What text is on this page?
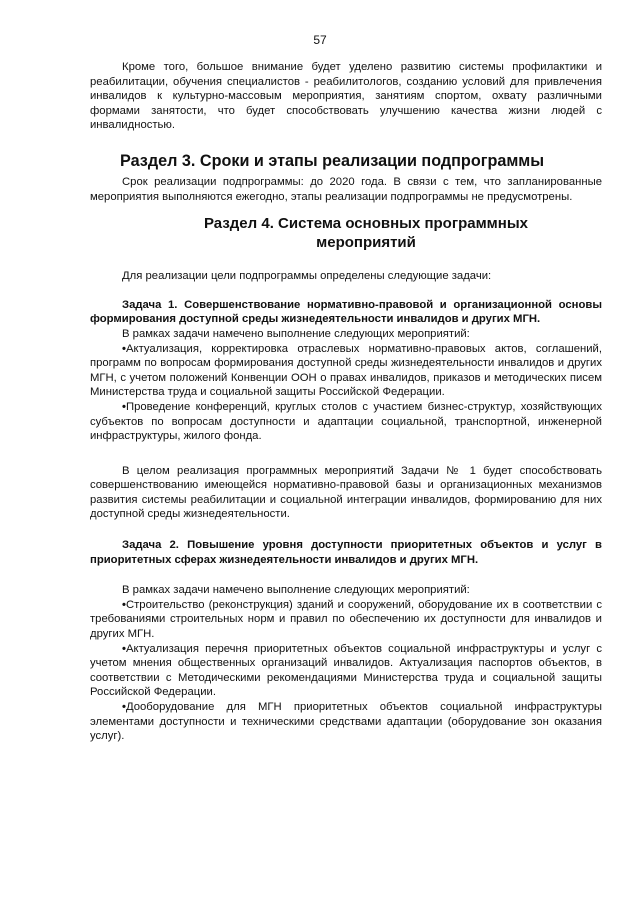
57

Кроме того, большое внимание будет уделено развитию системы профилактики и реабилитации, обучения специалистов - реабилитологов, созданию условий для привлечения инвалидов к культурно-массовым мероприятия, занятиям спортом, охвату различными формами занятости, что будет способствовать улучшению качества жизни людей с инвалидностью.

Раздел 3. Сроки и этапы реализации подпрограммы

Срок реализации подпрограммы: до 2020 года. В связи с тем, что запланированные мероприятия выполняются ежегодно, этапы реализации подпрограммы не предусмотрены.

Раздел 4. Система основных программных
мероприятий

Для реализации цели подпрограммы определены следующие задачи:

Задача 1. Совершенствование нормативно-правовой и организационной основы формирования доступной среды жизнедеятельности инвалидов и других МГН.

В рамках задачи намечено выполнение следующих мероприятий:

•Актуализация, корректировка отраслевых нормативно-правовых актов, соглашений, программ по вопросам формирования доступной среды жизнедеятельности инвалидов и других МГН, с учетом положений Конвенции ООН о правах инвалидов, приказов и методических писем Министерства труда и социальной защиты Российской Федерации.

•Проведение конференций, круглых столов с участием бизнес-структур, хозяйствующих субъектов по вопросам доступности и адаптации социальной, транспортной, инженерной инфраструктуры, жилого фонда.

В целом реализация программных мероприятий Задачи № 1 будет способствовать совершенствованию имеющейся нормативно-правовой базы и организационных механизмов развития системы реабилитации и социальной интеграции инвалидов, формированию для них доступной среды жизнедеятельности.

Задача 2. Повышение уровня доступности приоритетных объектов и услуг в приоритетных сферах жизнедеятельности инвалидов и других МГН.

В рамках задачи намечено выполнение следующих мероприятий:

•Строительство (реконструкция) зданий и сооружений, оборудование их в соответствии с требованиями строительных норм и правил по обеспечению их доступности для инвалидов и других МГН.

•Актуализация перечня приоритетных объектов социальной инфраструктуры и услуг с учетом мнения общественных организаций инвалидов. Актуализация паспортов объектов, в соответствии с Методическими рекомендациями Министерства труда и социальной защиты Российской Федерации.

•Дооборудование для МГН приоритетных объектов социальной инфраструктуры элементами доступности и техническими средствами адаптации (оборудование зон оказания услуг).
